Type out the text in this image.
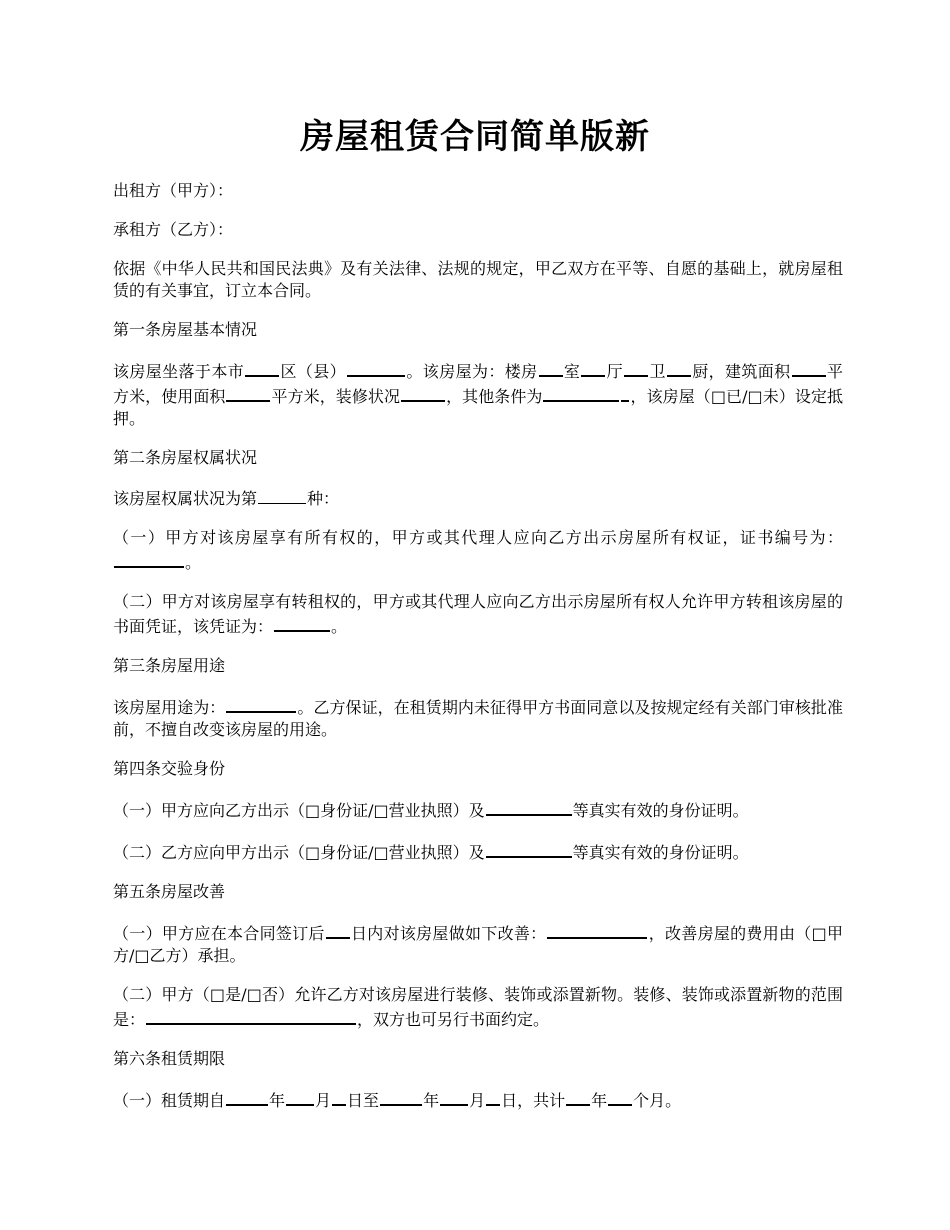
房屋租赁合同简单版新

出租方（甲方）：

承租方（乙方）：

依据《中华人民共和国民法典》及有关法律、法规的规定，甲乙双方在平等、自愿的基础上，就房屋租赁的有关事宜，订立本合同。

第一条房屋基本情况

该房屋坐落于本市 区（县）	。该房屋为：楼房 室 厅 卫 厨，建筑面积 平方米，使用面积	平方米，装修状况	，其他条件为	，该房屋（□已/□未）设定抵押。

第二条房屋权属状况

该房屋权属状况为第	种：

（一）甲方对该房屋享有所有权的，甲方或其代理人应向乙方出示房屋所有权证，证书编号为：。

（二）甲方对该房屋享有转租权的，甲方或其代理人应向乙方出示房屋所有权人允许甲方转租该房屋的书面凭证，该凭证为：	。

第三条房屋用途

该房屋用途为：	。乙方保证，在租赁期内未征得甲方书面同意以及按规定经有关部门审核批准前，不擅自改变该房屋的用途。

第四条交验身份

（一）甲方应向乙方出示（□身份证/□营业执照）及	等真实有效的身份证明。

（二）乙方应向甲方出示（□身份证/□营业执照）及	等真实有效的身份证明。

第五条房屋改善

（一）甲方应在本合同签订后 日内对该房屋做如下改善：	，改善房屋的费用由（□甲方/□乙方）承担。

（二）甲方（□是/□否）允许乙方对该房屋进行装修、装饰或添置新物。装修、装饰或添置新物的范围是：	，双方也可另行书面约定。

第六条租赁期限

（一）租赁期自	年 月 日至	年 月 日，共计 年 个月。
